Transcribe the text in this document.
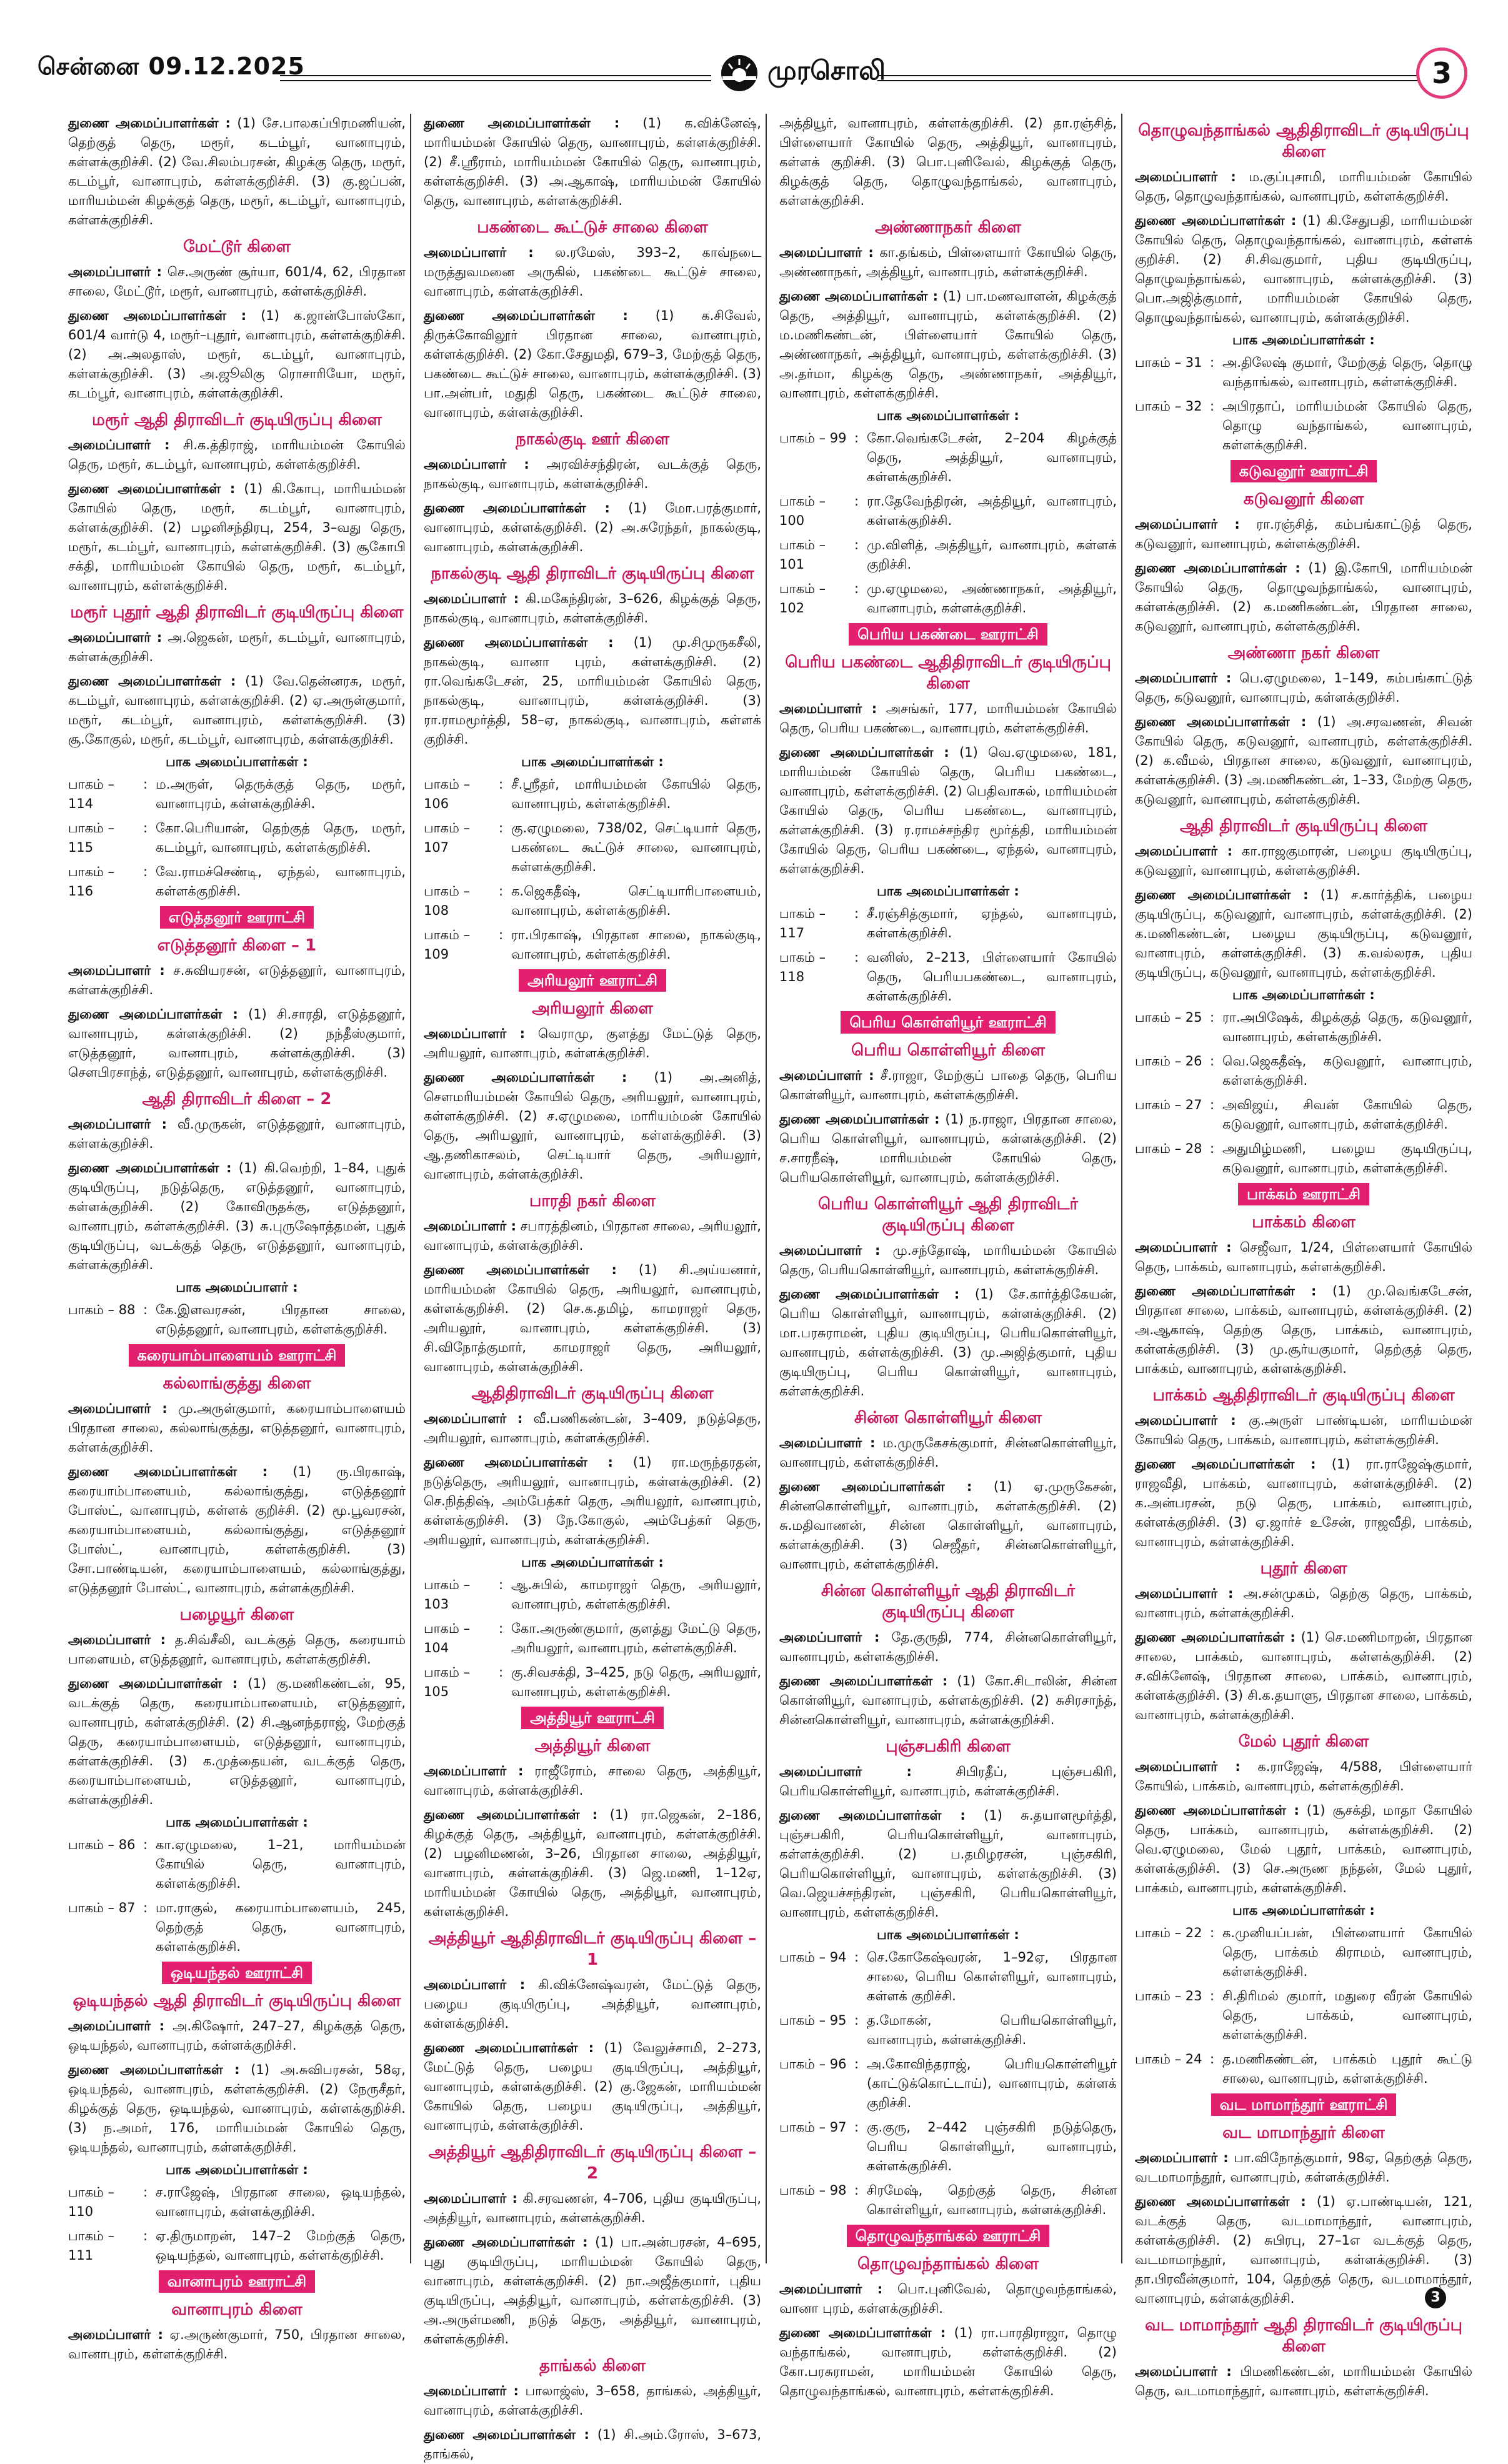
சென்னை 09.12.2025	முரசொலி	3

துணை அமைப்பாளர்கள் : (1) சே.பாலகப்பிரமணியன், தெற்குத் தெரு, மரூர், கடம்பூர், வானாபுரம், கள்ளக்குறிச்சி. (2) வே.சிலம்பரசன், கிழக்கு தெரு, மரூர், கடம்பூர், வானாபுரம், கள்ளக்குறிச்சி. (3) கு.ஜப்பன், மாரியம்மன் கிழக்குத் தெரு, மரூர், கடம்பூர், வானாபுரம், கள்ளக்குறிச்சி.

மேட்டூர் கிளை

அமைப்பாளர் : செ.அருண் சூர்யா, 601/4, 62, பிரதான சாலை, மேட்டூர், மரூர், வானாபுரம், கள்ளக்குறிச்சி.

துணை அமைப்பாளர்கள் : (1) க.ஜான்போஸ்கோ, 601/4 வார்டு 4, மரூர்–புதூர், வானாபுரம், கள்ளக்குறிச்சி. (2) அ.அலதாஸ், மரூர், கடம்பூர், வானாபுரம், கள்ளக்குறிச்சி. (3) அ.ஜூலிகு ரொசாரியோ, மரூர், கடம்பூர், வானாபுரம், கள்ளக்குறிச்சி.

மரூர் ஆதி திராவிடர் குடியிருப்பு கிளை

அமைப்பாளர் : சி.க.த்திராஜ், மாரியம்மன் கோயில் தெரு, மரூர், கடம்பூர், வானாபுரம், கள்ளக்குறிச்சி.

துணை அமைப்பாளர்கள் : (1) கி.கோபு, மாரியம்மன் கோயில் தெரு, மரூர், கடம்பூர், வானாபுரம், கள்ளக்குறிச்சி. (2) பழனிசந்திரபு, 254, 3–வது தெரு, மரூர், கடம்பூர், வானாபுரம், கள்ளக்குறிச்சி. (3) சூகோபி சக்தி, மாரியம்மன் கோயில் தெரு, மரூர், கடம்பூர், வானாபுரம், கள்ளக்குறிச்சி.

மரூர் புதூர் ஆதி திராவிடர் குடியிருப்பு கிளை

அமைப்பாளர் : அ.ஜெகன், மரூர், கடம்பூர், வானாபுரம், கள்ளக்குறிச்சி.

துணை அமைப்பாளர்கள் : (1) வே.தென்னரசு, மரூர், கடம்பூர், வானாபுரம், கள்ளக்குறிச்சி. (2) ஏ.அருள்குமார், மரூர், கடம்பூர், வானாபுரம், கள்ளக்குறிச்சி. (3) சூ.கோகுல், மரூர், கடம்பூர், வானாபுரம், கள்ளக்குறிச்சி.

பாக அமைப்பாளர்கள் :
பாகம் – 114
: ம.அருள், தெருக்குத் தெரு, மரூர், வானாபுரம், கள்ளக்குறிச்சி.
பாகம் – 115
: கோ.பெரியான், தெற்குத் தெரு, மரூர், கடம்பூர், வானாபுரம், கள்ளக்குறிச்சி.
பாகம் – 116
: வே.ராமச்செண்டி, ஏந்தல், வானாபுரம், கள்ளக்குறிச்சி.
எடுத்தனூர் ஊராட்சி
எடுத்தனூர் கிளை – 1

அமைப்பாளர் : ச.சுவியரசன், எடுத்தனூர், வானாபுரம், கள்ளக்குறிச்சி.

துணை அமைப்பாளர்கள் : (1) சி.சாரதி, எடுத்தனூர், வானாபுரம், கள்ளக்குறிச்சி. (2) நந்தீஸ்குமார், எடுத்தனூர், வானாபுரம், கள்ளக்குறிச்சி. (3) செளபிரசாந்த், எடுத்தனூர், வானாபுரம், கள்ளக்குறிச்சி.

ஆதி திராவிடர் கிளை – 2

அமைப்பாளர் : வீ.முருகன், எடுத்தனூர், வானாபுரம், கள்ளக்குறிச்சி.

துணை அமைப்பாளர்கள் : (1) கி.வெற்றி, 1–84, புதுக் குடியிருப்பு, நடுத்தெரு, எடுத்தனூர், வானாபுரம், கள்ளக்குறிச்சி. (2) கோவிருதக்கு, எடுத்தனூர், வானாபுரம், கள்ளக்குறிச்சி. (3) சு.புருஷோத்தமன், புதுக் குடியிருப்பு, வடக்குத் தெரு, எடுத்தனூர், வானாபுரம், கள்ளக்குறிச்சி.

பாக அமைப்பாளர் :
பாகம் – 88 : கே.இளவரசன், பிரதான சாலை, எடுத்தனூர், வானாபுரம், கள்ளக்குறிச்சி.
கரையாம்பாளையம் ஊராட்சி
கல்லாங்குத்து கிளை

அமைப்பாளர் : மு.அருள்குமார், கரையாம்பாளையம் பிரதான சாலை, கல்லாங்குத்து, எடுத்தனூர், வானாபுரம், கள்ளக்குறிச்சி.

துணை அமைப்பாளர்கள் : (1) ரு.பிரகாஷ், கரையாம்பாளையம், கல்லாங்குத்து, எடுத்தனூர் போஸ்ட், வானாபுரம், கள்ளக் குறிச்சி. (2) மூ.பூவரசன், கரையாம்பாளையம், கல்லாங்குத்து, எடுத்தனூர் போஸ்ட், வானாபுரம், கள்ளக்குறிச்சி. (3) சோ.பாண்டியன், கரையாம்பாளையம், கல்லாங்குத்து, எடுத்தனூர் போஸ்ட், வானாபுரம், கள்ளக்குறிச்சி.

பழையூர் கிளை

அமைப்பாளர் : த.சிவ்சீலி, வடக்குத் தெரு, கரையாம் பாளையம், எடுத்தனூர், வானாபுரம், கள்ளக்குறிச்சி.

துணை அமைப்பாளர்கள் : (1) கு.மணிகண்டன், 95, வடக்குத் தெரு, கரையாம்பாளையம், எடுத்தனூர், வானாபுரம், கள்ளக்குறிச்சி. (2) சி.ஆனந்தராஜ், மேற்குத் தெரு, கரையாம்பாளையம், எடுத்தனூர், வானாபுரம், கள்ளக்குறிச்சி. (3) க.முத்தையன், வடக்குத் தெரு, கரையாம்பாளையம், எடுத்தனூர், வானாபுரம், கள்ளக்குறிச்சி.

பாக அமைப்பாளர்கள் :
பாகம் – 86 : கா.ஏழுமலை, 1–21, மாரியம்மன் கோயில் தெரு, வானாபுரம், கள்ளக்குறிச்சி.
பாகம் – 87 : மா.ராகுல், கரையாம்பாளையம், 245, தெற்குத் தெரு, வானாபுரம், கள்ளக்குறிச்சி.
ஒடியந்தல் ஊராட்சி
ஒடியந்தல் ஆதி திராவிடர் குடியிருப்பு கிளை

அமைப்பாளர் : அ.கிஷோர், 247–27, கிழக்குத் தெரு, ஒடியந்தல், வானாபுரம், கள்ளக்குறிச்சி.

துணை அமைப்பாளர்கள் : (1) அ.சுவிபரசன், 58ஏ, ஒடியந்தல், வானாபுரம், கள்ளக்குறிச்சி. (2) நேருசீதர், கிழக்குத் தெரு, ஒடியந்தல், வானாபுரம், கள்ளக்குறிச்சி. (3) ந.அமர், 176, மாரியம்மன் கோயில் தெரு, ஒடியந்தல், வானாபுரம், கள்ளக்குறிச்சி.

பாக அமைப்பாளர்கள் :
பாகம் – 110
: ச.ராஜேஷ், பிரதான சாலை, ஒடியந்தல், வானாபுரம், கள்ளக்குறிச்சி.
பாகம் – 111
: ஏ.திருமாறன், 147–2 மேற்குத் தெரு, ஒடியந்தல், வானாபுரம், கள்ளக்குறிச்சி.
வானாபுரம் ஊராட்சி
வானாபுரம் கிளை

அமைப்பாளர் : ஏ.அருண்குமார், 750, பிரதான சாலை, வானாபுரம், கள்ளக்குறிச்சி.

துணை அமைப்பாளர்கள் : (1) க.விக்னேஷ், மாரியம்மன் கோயில் தெரு, வானாபுரம், கள்ளக்குறிச்சி. (2) சீ.ஸ்ரீராம், மாரியம்மன் கோயில் தெரு, வானாபுரம், கள்ளக்குறிச்சி. (3) அ.ஆகாஷ், மாரியம்மன் கோயில் தெரு, வானாபுரம், கள்ளக்குறிச்சி.

பகண்டை கூட்டுச் சாலை கிளை

அமைப்பாளர் : ல.ரமேஸ், 393–2, காவ்நடை மருத்துவமனை அருகில், பகண்டை கூட்டுச் சாலை, வானாபுரம், கள்ளக்குறிச்சி.

துணை அமைப்பாளர்கள் : (1) க.சிவேல், திருக்கோவிலூர் பிரதான சாலை, வானாபுரம், கள்ளக்குறிச்சி. (2) கோ.சேதுமதி, 679–3, மேற்குத் தெரு, பகண்டை கூட்டுச் சாலை, வானாபுரம், கள்ளக்குறிச்சி. (3) பா.அன்பர், மதுதி தெரு, பகண்டை கூட்டுச் சாலை, வானாபுரம், கள்ளக்குறிச்சி.

நாகல்குடி ஊர் கிளை

அமைப்பாளர் : அரவிச்சந்திரன், வடக்குத் தெரு, நாகல்குடி, வானாபுரம், கள்ளக்குறிச்சி.

துணை அமைப்பாளர்கள் : (1) மோ.பரத்குமார், வானாபுரம், கள்ளக்குறிச்சி. (2) அ.சுரேந்தர், நாகல்குடி, வானாபுரம், கள்ளக்குறிச்சி.

நாகல்குடி ஆதி திராவிடர் குடியிருப்பு கிளை

அமைப்பாளர் : கி.மகேந்திரன், 3–626, கிழக்குத் தெரு, நாகல்குடி, வானாபுரம், கள்ளக்குறிச்சி.

துணை அமைப்பாளர்கள் : (1) மு.சிமுருகசீலி, நாகல்குடி, வானா புரம், கள்ளக்குறிச்சி. (2) ரா.வெங்கடேசன், 25, மாரியம்மன் கோயில் தெரு, நாகல்குடி, வானாபுரம், கள்ளக்குறிச்சி. (3) ரா.ராமமூர்த்தி, 58–ஏ, நாகல்குடி, வானாபுரம், கள்ளக் குறிச்சி.

பாக அமைப்பாளர்கள் :
பாகம் – 106
: சீ.ஸ்ரீதர், மாரியம்மன் கோயில் தெரு, வானாபுரம், கள்ளக்குறிச்சி.
பாகம் – 107
: கு.ஏழுமலை, 738/02, செட்டியார் தெரு, பகண்டை கூட்டுச் சாலை, வானாபுரம், கள்ளக்குறிச்சி.
பாகம் – 108
: க.ஜெகதீஷ், செட்டியாரிபாளையம், வானாபுரம், கள்ளக்குறிச்சி.
பாகம் – 109
: ரா.பிரகாஷ், பிரதான சாலை, நாகல்குடி, வானாபுரம், கள்ளக்குறிச்சி.
அரியலூர் ஊராட்சி
அரியலூர் கிளை

அமைப்பாளர் : வெராமு, குளத்து மேட்டுத் தெரு, அரியலூர், வானாபுரம், கள்ளக்குறிச்சி.

துணை அமைப்பாளர்கள் : (1) அ.அனித், சௌமரியம்மன் கோயில் தெரு, அரியலூர், வானாபுரம், கள்ளக்குறிச்சி. (2) ச.ஏழுமலை, மாரியம்மன் கோயில் தெரு, அரியலூர், வானாபுரம், கள்ளக்குறிச்சி. (3) ஆ.தணிகாசலம், செட்டியார் தெரு, அரியலூர், வானாபுரம், கள்ளக்குறிச்சி.

பாரதி நகர் கிளை

அமைப்பாளர் : சபாரத்தினம், பிரதான சாலை, அரியலூர், வானாபுரம், கள்ளக்குறிச்சி.

துணை அமைப்பாளர்கள் : (1) சி.அய்யனார், மாரியம்மன் கோயில் தெரு, அரியலூர், வானாபுரம், கள்ளக்குறிச்சி. (2) செ.க.தமிழ், காமராஜர் தெரு, அரியலூர், வானாபுரம், கள்ளக்குறிச்சி. (3) சி.விநோத்குமார், காமராஜர் தெரு, அரியலூர், வானாபுரம், கள்ளக்குறிச்சி.

ஆதிதிராவிடர் குடியிருப்பு கிளை

அமைப்பாளர் : வீ.பணிகண்டன், 3–409, நடுத்தெரு, அரியலூர், வானாபுரம், கள்ளக்குறிச்சி.

துணை அமைப்பாளர்கள் : (1) ரா.மருந்தரதன், நடுத்தெரு, அரியலூர், வானாபுரம், கள்ளக்குறிச்சி. (2) செ.நித்திஷ், அம்பேத்கர் தெரு, அரியலூர், வானாபுரம், கள்ளக்குறிச்சி. (3) நே.கோகுல், அம்பேத்கர் தெரு, அரியலூர், வானாபுரம், கள்ளக்குறிச்சி.

பாக அமைப்பாளர்கள் :
பாகம் – 103
: ஆ.சுபில், காமராஜர் தெரு, அரியலூர், வானாபுரம், கள்ளக்குறிச்சி.
பாகம் – 104
: கோ.அருண்குமார், குளத்து மேட்டு தெரு, அரியலூர், வானாபுரம், கள்ளக்குறிச்சி.
பாகம் – 105
: கு.சிவசக்தி, 3–425, நடு தெரு, அரியலூர், வானாபுரம், கள்ளக்குறிச்சி.
அத்தியூர் ஊராட்சி
அத்தியூர் கிளை

அமைப்பாளர் : ராஜீரோம், சாலை தெரு, அத்தியூர், வானாபுரம், கள்ளக்குறிச்சி.

துணை அமைப்பாளர்கள் : (1) ரா.ஜெகன், 2–186, கிழக்குத் தெரு, அத்தியூர், வானாபுரம், கள்ளக்குறிச்சி. (2) பழனிமணன், 3–26, பிரதான சாலை, அத்தியூர், வானாபுரம், கள்ளக்குறிச்சி. (3) ஜெ.மணி, 1–12ஏ, மாரியம்மன் கோயில் தெரு, அத்தியூர், வானாபுரம், கள்ளக்குறிச்சி.

அத்தியூர் ஆதிதிராவிடர் குடியிருப்பு கிளை – 1

அமைப்பாளர் : கி.விக்னேஷ்வரன், மேட்டுத் தெரு, பழைய குடியிருப்பு, அத்தியூர், வானாபுரம், கள்ளக்குறிச்சி.

துணை அமைப்பாளர்கள் : (1) வேலுச்சாமி, 2–273, மேட்டுத் தெரு, பழைய குடியிருப்பு, அத்தியூர், வானாபுரம், கள்ளக்குறிச்சி. (2) கு.ஜேகன், மாரியம்மன் கோயில் தெரு, பழைய குடியிருப்பு, அத்தியூர், வானாபுரம், கள்ளக்குறிச்சி.

அத்தியூர் ஆதிதிராவிடர் குடியிருப்பு கிளை – 2

அமைப்பாளர் : கி.சரவணன், 4–706, புதிய குடியிருப்பு, அத்தியூர், வானாபுரம், கள்ளக்குறிச்சி.

துணை அமைப்பாளர்கள் : (1) பா.அன்பரசன், 4–695, புது குடியிருப்பு, மாரியம்மன் கோயில் தெரு, வானாபுரம், கள்ளக்குறிச்சி. (2) நா.அஜீத்குமார், புதிய குடியிருப்பு, அத்தியூர், வானாபுரம், கள்ளக்குறிச்சி. (3) அ.அருள்மணி, நடுத் தெரு, அத்தியூர், வானாபுரம், கள்ளக்குறிச்சி.

தாங்கல் கிளை

அமைப்பாளர் : பாலாஜ்ஸ், 3–658, தாங்கல், அத்தியூர், வானாபுரம், கள்ளக்குறிச்சி.

துணை அமைப்பாளர்கள் : (1) சி.அம்.ரோஸ், 3–673, தாங்கல்,

அத்தியூர், வானாபுரம், கள்ளக்குறிச்சி. (2) தா.ரஞ்சித், பிள்ளையார் கோயில் தெரு, அத்தியூர், வானாபுரம், கள்ளக் குறிச்சி. (3) பொ.புனிவேல், கிழக்குத் தெரு, கிழக்குத் தெரு, தொழுவந்தாங்கல், வானாபுரம், கள்ளக்குறிச்சி.

அண்ணாநகர் கிளை

அமைப்பாளர் : கா.தங்கம், பிள்ளையார் கோயில் தெரு, அண்ணாநகர், அத்தியூர், வானாபுரம், கள்ளக்குறிச்சி.

துணை அமைப்பாளர்கள் : (1) பா.மணவாளன், கிழக்குத் தெரு, அத்தியூர், வானாபுரம், கள்ளக்குறிச்சி. (2) ம.மணிகண்டன், பிள்ளையார் கோயில் தெரு, அண்ணாநகர், அத்தியூர், வானாபுரம், கள்ளக்குறிச்சி. (3) அ.தர்மா, கிழக்கு தெரு, அண்ணாநகர், அத்தியூர், வானாபுரம், கள்ளக்குறிச்சி.

பாக அமைப்பாளர்கள் :
பாகம் – 99 : கோ.வெங்கடேசன், 2–204 கிழக்குத் தெரு, அத்தியூர், வானாபுரம், கள்ளக்குறிச்சி.
பாகம் – 100
: ரா.தேவேந்திரன், அத்தியூர், வானாபுரம், கள்ளக்குறிச்சி.
பாகம் – 101
: மு.விளித், அத்தியூர், வானாபுரம், கள்ளக் குறிச்சி.
பாகம் – 102
: மு.ஏழுமலை, அண்ணாநகர், அத்தியூர், வானாபுரம், கள்ளக்குறிச்சி.
பெரிய பகண்டை ஊராட்சி
பெரிய பகண்டை ஆதிதிராவிடர் குடியிருப்பு கிளை

அமைப்பாளர் : அசங்கர், 177, மாரியம்மன் கோயில் தெரு, பெரிய பகண்டை, வானாபுரம், கள்ளக்குறிச்சி.

துணை அமைப்பாளர்கள் : (1) வெ.ஏழுமலை, 181, மாரியம்மன் கோயில் தெரு, பெரிய பகண்டை, வானாபுரம், கள்ளக்குறிச்சி. (2) பெதிவாசுல், மாரியம்மன் கோயில் தெரு, பெரிய பகண்டை, வானாபுரம், கள்ளக்குறிச்சி. (3) ர.ராமச்சந்திர மூர்த்தி, மாரியம்மன் கோயில் தெரு, பெரிய பகண்டை, ஏந்தல், வானாபுரம், கள்ளக்குறிச்சி.

பாக அமைப்பாளர்கள் :
பாகம் – 117
: சீ.ரஞ்சித்குமார், ஏந்தல், வானாபுரம், கள்ளக்குறிச்சி.
பாகம் – 118
: வனிஸ், 2–213, பிள்ளையார் கோயில் தெரு, பெரியபகண்டை, வானாபுரம், கள்ளக்குறிச்சி.
பெரிய கொள்ளியூர் ஊராட்சி
பெரிய கொள்ளியூர் கிளை

அமைப்பாளர் : சீ.ராஜா, மேற்குப் பாதை தெரு, பெரிய கொள்ளியூர், வானாபுரம், கள்ளக்குறிச்சி.

துணை அமைப்பாளர்கள் : (1) ந.ராஜா, பிரதான சாலை, பெரிய கொள்ளியூர், வானாபுரம், கள்ளக்குறிச்சி. (2) ச.சாரநீஷ், மாரியம்மன் கோயில் தெரு, பெரியகொள்ளியூர், வானாபுரம், கள்ளக்குறிச்சி.

பெரிய கொள்ளியூர் ஆதி திராவிடர் குடியிருப்பு கிளை

அமைப்பாளர் : மு.சந்தோஷ், மாரியம்மன் கோயில் தெரு, பெரியகொள்ளியூர், வானாபுரம், கள்ளக்குறிச்சி.

துணை அமைப்பாளர்கள் : (1) சே.கார்த்திகேயன், பெரிய கொள்ளியூர், வானாபுரம், கள்ளக்குறிச்சி. (2) மா.பரசுராமன், புதிய குடியிருப்பு, பெரியகொள்ளியூர், வானாபுரம், கள்ளக்குறிச்சி. (3) மு.அஜித்குமார், புதிய குடியிருப்பு, பெரிய கொள்ளியூர், வானாபுரம், கள்ளக்குறிச்சி.

சின்ன கொள்ளியூர் கிளை

அமைப்பாளர் : ம.முருகேசக்குமார், சின்னகொள்ளியூர், வானாபுரம், கள்ளக்குறிச்சி.

துணை அமைப்பாளர்கள் : (1) ஏ.முருகேசன், சின்னகொள்ளியூர், வானாபுரம், கள்ளக்குறிச்சி. (2) சு.மதிவாணன், சின்ன கொள்ளியூர், வானாபுரம், கள்ளக்குறிச்சி. (3) செஜீதர், சின்னகொள்ளியூர், வானாபுரம், கள்ளக்குறிச்சி.

சின்ன கொள்ளியூர் ஆதி திராவிடர் குடியிருப்பு கிளை

அமைப்பாளர் : தே.குருதி, 774, சின்னகொள்ளியூர், வானாபுரம், கள்ளக்குறிச்சி.

துணை அமைப்பாளர்கள் : (1) கோ.சிடாலின், சின்ன கொள்ளியூர், வானாபுரம், கள்ளக்குறிச்சி. (2) சுசிரசாந்த், சின்னகொள்ளியூர், வானாபுரம், கள்ளக்குறிச்சி.

புஞ்சபகிரி கிளை

அமைப்பாளர் :	சிபிரதீப், புஞ்சபகிரி, பெரியகொள்ளியூர், வானாபுரம், கள்ளக்குறிச்சி.

துணை அமைப்பாளர்கள் : (1) சு.தயாளமூர்த்தி, புஞ்சபகிரி, பெரியகொள்ளியூர், வானாபுரம், கள்ளக்குறிச்சி. (2) ப.தமிழரசன், புஞ்சகிரி, பெரியகொள்ளியூர், வானாபுரம், கள்ளக்குறிச்சி. (3) வெ.ஜெயச்சந்திரன், புஞ்சகிரி, பெரியகொள்ளியூர், வானாபுரம், கள்ளக்குறிச்சி.

பாக அமைப்பாளர்கள் :
பாகம் – 94 : செ.கோகேஷ்வரன், 1–92ஏ, பிரதான சாலை, பெரிய கொள்ளியூர், வானாபுரம், கள்ளக் குறிச்சி.
பாகம் – 95 : த.மோகன், பெரியகொள்ளியூர், வானாபுரம், கள்ளக்குறிச்சி.
பாகம் – 96 : அ.கோவிந்தராஜ், பெரியகொள்ளியூர் (காட்டுக்கொட்டாய்), வானாபுரம், கள்ளக் குறிச்சி.
பாகம் – 97 : கு.குரு, 2–442 புஞ்சகிரி நடுத்தெரு, பெரிய கொள்ளியூர், வானாபுரம், கள்ளக்குறிச்சி.
பாகம் – 98 : சிரமேஷ், தெற்குத் தெரு, சின்ன கொள்ளியூர், வானாபுரம், கள்ளக்குறிச்சி.
தொழுவந்தாங்கல் ஊராட்சி
தொழுவந்தாங்கல் கிளை

அமைப்பாளர் : பொ.புனிவேல், தொழுவந்தாங்கல், வானா புரம், கள்ளக்குறிச்சி.

துணை அமைப்பாளர்கள் : (1) ரா.பாரதிராஜா, தொழு வந்தாங்கல், வானாபுரம், கள்ளக்குறிச்சி. (2) கோ.பரசுராமன், மாரியம்மன் கோயில் தெரு, தொழுவந்தாங்கல், வானாபுரம், கள்ளக்குறிச்சி.

தொழுவந்தாங்கல் ஆதிதிராவிடர் குடியிருப்பு கிளை

அமைப்பாளர் : ம.குப்புசாமி, மாரியம்மன் கோயில் தெரு, தொழுவந்தாங்கல், வானாபுரம், கள்ளக்குறிச்சி.

துணை அமைப்பாளர்கள் : (1) கி.சேதுபதி, மாரியம்மன் கோயில் தெரு, தொழுவந்தாங்கல், வானாபுரம், கள்ளக் குறிச்சி. (2) சி.சிவகுமார், புதிய குடியிருப்பு, தொழுவந்தாங்கல், வானாபுரம், கள்ளக்குறிச்சி. (3) பொ.அஜித்குமார், மாரியம்மன் கோயில் தெரு, தொழுவந்தாங்கல், வானாபுரம், கள்ளக்குறிச்சி.

பாக அமைப்பாளர்கள் :
பாகம் – 31 : அ.திலேஷ் குமார், மேற்குத் தெரு, தொழு வந்தாங்கல், வானாபுரம், கள்ளக்குறிச்சி.
பாகம் – 32 : அபிரதாப், மாரியம்மன் கோயில் தெரு, தொழு வந்தாங்கல், வானாபுரம், கள்ளக்குறிச்சி.
கடுவனூர் ஊராட்சி
கடுவனூர் கிளை

அமைப்பாளர் : ரா.ரஞ்சித், கம்பங்காட்டுத் தெரு, கடுவனூர், வானாபுரம், கள்ளக்குறிச்சி.

துணை அமைப்பாளர்கள் : (1) இ.கோபி, மாரியம்மன் கோயில் தெரு, தொழுவந்தாங்கல், வானாபுரம், கள்ளக்குறிச்சி. (2) க.மணிகண்டன், பிரதான சாலை, கடுவனூர், வானாபுரம், கள்ளக்குறிச்சி.

அண்ணா நகர் கிளை

அமைப்பாளர் : பெ.ஏழுமலை, 1–149, கம்பங்காட்டுத் தெரு, கடுவனூர், வானாபுரம், கள்ளக்குறிச்சி.

துணை அமைப்பாளர்கள் : (1) அ.சரவணன், சிவன் கோயில் தெரு, கடுவனூர், வானாபுரம், கள்ளக்குறிச்சி. (2) க.வீமல், பிரதான சாலை, கடுவனூர், வானாபுரம், கள்ளக்குறிச்சி. (3) அ.மணிகண்டன், 1–33, மேற்கு தெரு, கடுவனூர், வானாபுரம், கள்ளக்குறிச்சி.

ஆதி திராவிடர் குடியிருப்பு கிளை

அமைப்பாளர் : கா.ராஜகுமாரன், பழைய குடியிருப்பு, கடுவனூர், வானாபுரம், கள்ளக்குறிச்சி.

துணை அமைப்பாளர்கள் : (1) ச.கார்த்திக், பழைய குடியிருப்பு, கடுவனூர், வானாபுரம், கள்ளக்குறிச்சி. (2) க.மணிகண்டன், பழைய குடியிருப்பு, கடுவனூர், வானாபுரம், கள்ளக்குறிச்சி. (3) க.வல்லரசு, புதிய குடியிருப்பு, கடுவனூர், வானாபுரம், கள்ளக்குறிச்சி.

பாக அமைப்பாளர்கள் :
பாகம் – 25 : ரா.அபிஷேக், கிழக்குத் தெரு, கடுவனூர், வானாபுரம், கள்ளக்குறிச்சி.
பாகம் – 26 : வெ.ஜெகதீஷ், கடுவனூர், வானாபுரம், கள்ளக்குறிச்சி.
பாகம் – 27 : அவிஜய், சிவன் கோயில் தெரு, கடுவனூர், வானாபுரம், கள்ளக்குறிச்சி.
பாகம் – 28 : அதுமிழ்மணி, பழைய குடியிருப்பு, கடுவனூர், வானாபுரம், கள்ளக்குறிச்சி.
பாக்கம் ஊராட்சி
பாக்கம் கிளை

அமைப்பாளர் : செஜீவா, 1/24, பிள்ளையார் கோயில் தெரு, பாக்கம், வானாபுரம், கள்ளக்குறிச்சி.

துணை அமைப்பாளர்கள் : (1) மு.வெங்கடேசன், பிரதான சாலை, பாக்கம், வானாபுரம், கள்ளக்குறிச்சி. (2) அ.ஆகாஷ், தெற்கு தெரு, பாக்கம், வானாபுரம், கள்ளக்குறிச்சி. (3) மு.சூர்யகுமார், தெற்குத் தெரு, பாக்கம், வானாபுரம், கள்ளக்குறிச்சி.

பாக்கம் ஆதிதிராவிடர் குடியிருப்பு கிளை

அமைப்பாளர் : கு.அருள் பாண்டியன், மாரியம்மன் கோயில் தெரு, பாக்கம், வானாபுரம், கள்ளக்குறிச்சி.

துணை அமைப்பாளர்கள் : (1) ரா.ராஜேஷ்குமார், ராஜவீதி, பாக்கம், வானாபுரம், கள்ளக்குறிச்சி. (2) க.அன்பரசன், நடு தெரு, பாக்கம், வானாபுரம், கள்ளக்குறிச்சி. (3) ஏ.ஜார்ச் உசேன், ராஜவீதி, பாக்கம், வானாபுரம், கள்ளக்குறிச்சி.

புதூர் கிளை

அமைப்பாளர் : அ.சன்முகம், தெற்கு தெரு, பாக்கம், வானாபுரம், கள்ளக்குறிச்சி.

துணை அமைப்பாளர்கள் : (1) செ.மணிமாறன், பிரதான சாலை, பாக்கம், வானாபுரம், கள்ளக்குறிச்சி. (2) ச.விக்னேஷ், பிரதான சாலை, பாக்கம், வானாபுரம், கள்ளக்குறிச்சி. (3) சி.க.தயாளு, பிரதான சாலை, பாக்கம், வானாபுரம், கள்ளக்குறிச்சி.

மேல் புதூர் கிளை

அமைப்பாளர் : க.ராஜேஷ், 4/588, பிள்ளையார் கோயில், பாக்கம், வானாபுரம், கள்ளக்குறிச்சி.

துணை அமைப்பாளர்கள் : (1) சூசக்தி, மாதா கோயில் தெரு, பாக்கம், வானாபுரம், கள்ளக்குறிச்சி. (2) வெ.ஏழுமலை, மேல் புதூர், பாக்கம், வானாபுரம், கள்ளக்குறிச்சி. (3) செ.அருண நந்தன், மேல் புதூர், பாக்கம், வானாபுரம், கள்ளக்குறிச்சி.

பாக அமைப்பாளர்கள் :
பாகம் – 22 : க.முனியப்பன், பிள்ளையார் கோயில் தெரு, பாக்கம் கிராமம், வானாபுரம், கள்ளக்குறிச்சி.
பாகம் – 23 : சி.திரிமல் குமார், மதுரை வீரன் கோயில் தெரு, பாக்கம், வானாபுரம், கள்ளக்குறிச்சி.
பாகம் – 24 : த.மணிகண்டன், பாக்கம் புதூர் கூட்டு சாலை, வானாபுரம், கள்ளக்குறிச்சி.
வட மாமாந்தூர் ஊராட்சி
வட மாமாந்தூர் கிளை

அமைப்பாளர் : பா.விநோத்குமார், 98ஏ, தெற்குத் தெரு, வடமாமாந்தூர், வானாபுரம், கள்ளக்குறிச்சி.

துணை அமைப்பாளர்கள் : (1) ஏ.பாண்டியன், 121, வடக்குத் தெரு, வடமாமாந்தூர், வானாபுரம், கள்ளக்குறிச்சி. (2) சுபிரபு, 27–1எ வடக்குத் தெரு, வடமாமாந்தூர், வானாபுரம், கள்ளக்குறிச்சி. (3) தா.பிரவீன்குமார், 104, தெற்குத் தெரு, வடமாமாந்தூர், வானாபுரம், கள்ளக்குறிச்சி.

வட மாமாந்தூர் ஆதி திராவிடர் குடியிருப்பு கிளை

அமைப்பாளர் : பிமணிகண்டன், மாரியம்மன் கோயில் தெரு, வடமாமாந்தூர், வானாபுரம், கள்ளக்குறிச்சி.

3
